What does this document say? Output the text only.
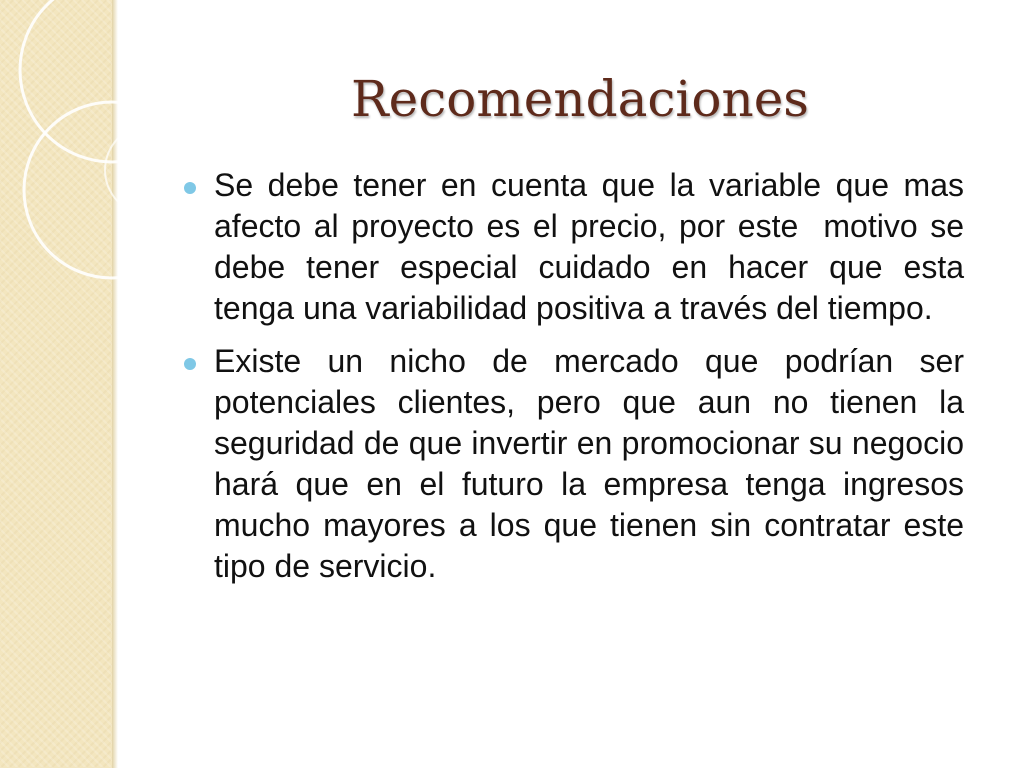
Recomendaciones
Se debe tener en cuenta que la variable que mas afecto al proyecto es el precio, por este  motivo se debe tener especial cuidado en hacer que esta tenga una variabilidad positiva a través del tiempo.
Existe un nicho de mercado que podrían ser potenciales clientes, pero que aun no tienen la seguridad de que invertir en promocionar su negocio hará que en el futuro la empresa tenga ingresos mucho mayores a los que tienen sin contratar este tipo de servicio.
